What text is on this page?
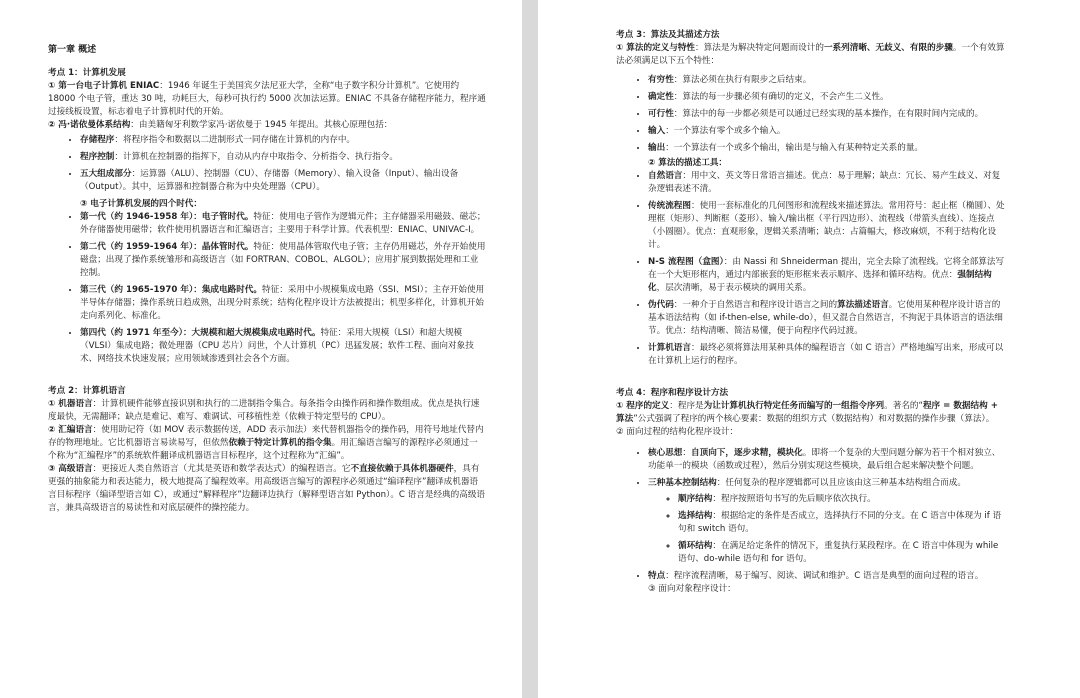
第一章 概述

考点 1：计算机发展

① 第一台电子计算机 ENIAC：1946 年诞生于美国宾夕法尼亚大学，全称“电子数字积分计算机”。它使用约 18000 个电子管，重达 30 吨，功耗巨大，每秒可执行约 5000 次加法运算。ENIAC 不具备存储程序能力，程序通过接线板设置，标志着电子计算机时代的开始。

② 冯·诺依曼体系结构：由美籍匈牙利数学家冯·诺依曼于 1945 年提出。其核心原理包括：

• 存储程序：将程序指令和数据以二进制形式一同存储在计算机的内存中。
• 程序控制：计算机在控制器的指挥下，自动从内存中取指令、分析指令、执行指令。
• 五大组成部分：运算器（ALU）、控制器（CU）、存储器（Memory）、输入设备（Input）、输出设备（Output）。其中，运算器和控制器合称为中央处理器（CPU）。
③ 电子计算机发展的四个时代：
• 第一代（约 1946-1958 年）：电子管时代。特征：使用电子管作为逻辑元件；主存储器采用磁鼓、磁芯；外存储器使用磁带；软件使用机器语言和汇编语言；主要用于科学计算。代表机型：ENIAC、UNIVAC-I。
• 第二代（约 1959-1964 年）：晶体管时代。特征：使用晶体管取代电子管；主存仍用磁芯，外存开始使用磁盘；出现了操作系统雏形和高级语言（如 FORTRAN、COBOL、ALGOL）；应用扩展到数据处理和工业控制。
• 第三代（约 1965-1970 年）：集成电路时代。特征：采用中小规模集成电路（SSI、MSI）；主存开始使用半导体存储器；操作系统日趋成熟，出现分时系统；结构化程序设计方法被提出；机型多样化，计算机开始走向系列化、标准化。
• 第四代（约 1971 年至今）：大规模和超大规模集成电路时代。特征：采用大规模（LSI）和超大规模（VLSI）集成电路；微处理器（CPU 芯片）问世，个人计算机（PC）迅猛发展；软件工程、面向对象技术、网络技术快速发展；应用领域渗透到社会各个方面。

考点 2：计算机语言

① 机器语言：计算机硬件能够直接识别和执行的二进制指令集合。每条指令由操作码和操作数组成。优点是执行速度最快，无需翻译；缺点是难记、难写、难调试、可移植性差（依赖于特定型号的 CPU）。

② 汇编语言：使用助记符（如 MOV 表示数据传送，ADD 表示加法）来代替机器指令的操作码，用符号地址代替内存的物理地址。它比机器语言易读易写，但依然依赖于特定计算机的指令集。用汇编语言编写的源程序必须通过一个称为“汇编程序”的系统软件翻译成机器语言目标程序，这个过程称为“汇编”。

③ 高级语言：更接近人类自然语言（尤其是英语和数学表达式）的编程语言。它不直接依赖于具体机器硬件，具有更强的抽象能力和表达能力，极大地提高了编程效率。用高级语言编写的源程序必须通过“编译程序”翻译成机器语言目标程序（编译型语言如 C），或通过“解释程序”边翻译边执行（解释型语言如 Python）。C 语言是经典的高级语言，兼具高级语言的易读性和对底层硬件的操控能力。

考点 3：算法及其描述方法

① 算法的定义与特性：算法是为解决特定问题而设计的一系列清晰、无歧义、有限的步骤。一个有效算法必须满足以下五个特性：

• 有穷性：算法必须在执行有限步之后结束。
• 确定性：算法的每一步骤必须有确切的定义，不会产生二义性。
• 可行性：算法中的每一步都必须是可以通过已经实现的基本操作，在有限时间内完成的。
• 输入：一个算法有零个或多个输入。
• 输出：一个算法有一个或多个输出，输出是与输入有某种特定关系的量。
② 算法的描述工具：
• 自然语言：用中文、英文等日常语言描述。优点：易于理解；缺点：冗长、易产生歧义、对复杂逻辑表述不清。
• 传统流程图：使用一套标准化的几何图形和流程线来描述算法。常用符号：起止框（椭圆）、处理框（矩形）、判断框（菱形）、输入/输出框（平行四边形）、流程线（带箭头直线）、连接点（小圆圈）。优点：直观形象，逻辑关系清晰；缺点：占篇幅大，修改麻烦，不利于结构化设计。
• N-S 流程图（盒图）：由 Nassi 和 Shneiderman 提出，完全去除了流程线。它将全部算法写在一个大矩形框内，通过内部嵌套的矩形框来表示顺序、选择和循环结构。优点：强制结构化，层次清晰，易于表示模块的调用关系。
• 伪代码：一种介于自然语言和程序设计语言之间的算法描述语言。它使用某种程序设计语言的基本语法结构（如 if-then-else, while-do），但又混合自然语言，不拘泥于具体语言的语法细节。优点：结构清晰、简洁易懂，便于向程序代码过渡。
• 计算机语言：最终必须将算法用某种具体的编程语言（如 C 语言）严格地编写出来，形成可以在计算机上运行的程序。

考点 4：程序和程序设计方法

① 程序的定义：程序是为让计算机执行特定任务而编写的一组指令序列。著名的“程序 = 数据结构 + 算法”公式强调了程序的两个核心要素：数据的组织方式（数据结构）和对数据的操作步骤（算法）。

② 面向过程的结构化程序设计：

• 核心思想：自顶向下，逐步求精，模块化。即将一个复杂的大型问题分解为若干个相对独立、功能单一的模块（函数或过程），然后分别实现这些模块，最后组合起来解决整个问题。
• 三种基本控制结构：任何复杂的程序逻辑都可以且应该由这三种基本结构组合而成。
◦ 顺序结构：程序按照语句书写的先后顺序依次执行。
◦ 选择结构：根据给定的条件是否成立，选择执行不同的分支。在 C 语言中体现为 if 语句和 switch 语句。
◦ 循环结构：在满足给定条件的情况下，重复执行某段程序。在 C 语言中体现为 while 语句、do-while 语句和 for 语句。
• 特点：程序流程清晰，易于编写、阅读、调试和维护。C 语言是典型的面向过程的语言。
③ 面向对象程序设计：
